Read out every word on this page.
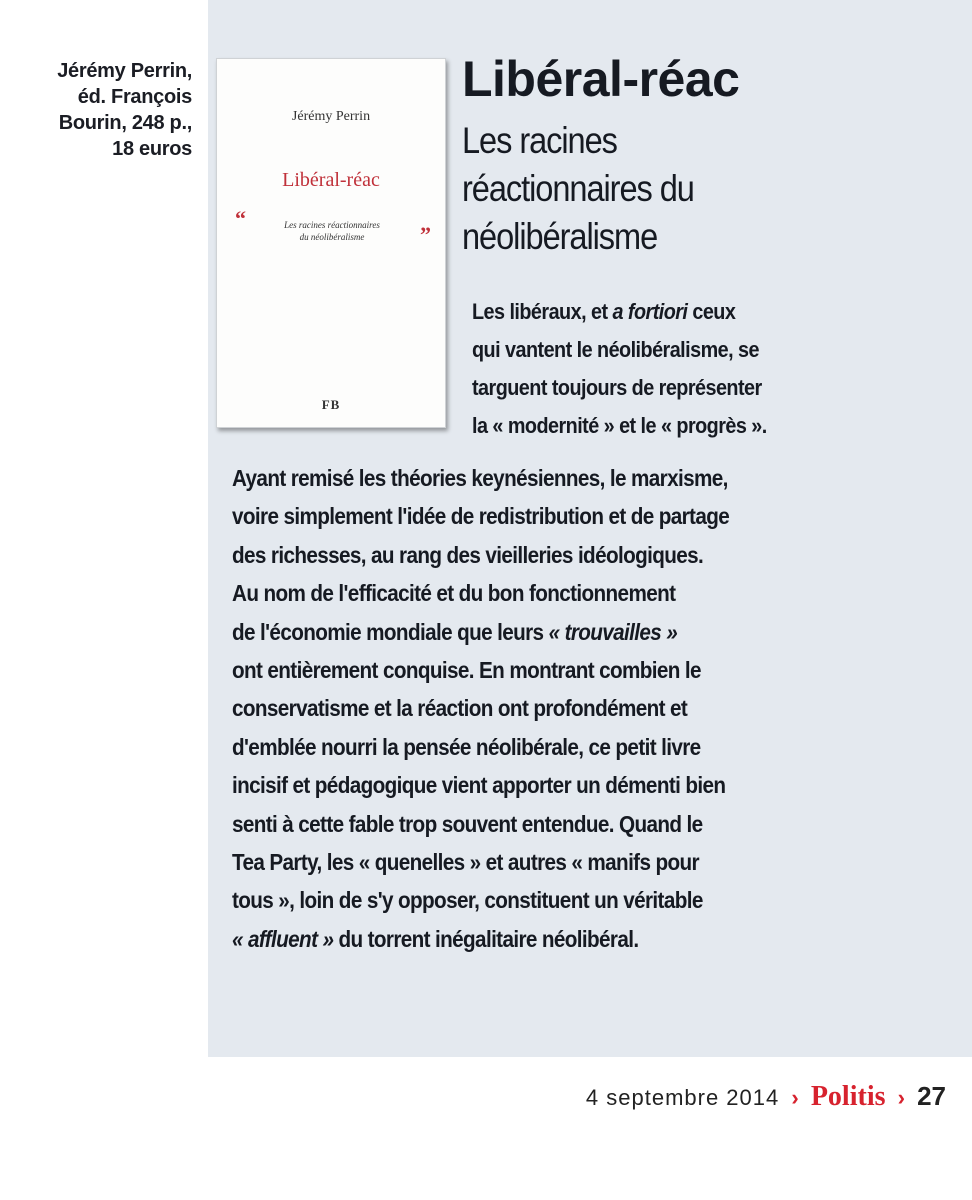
Jérémy Perrin,
éd. François
Bourin, 248 p.,
18 euros
Jérémy Perrin
Libéral-réac
“	Les racines réactionnaires
du néolibéralisme	”
FB
Libéral-réac
Les racines réactionnaires du néolibéralisme
Les libéraux, et a fortiori ceux
qui vantent le néolibéralisme, se
targuent toujours de représenter
la « modernité » et le « progrès ».
Ayant remisé les théories keynésiennes, le marxisme,
voire simplement l'idée de redistribution et de partage
des richesses, au rang des vieilleries idéologiques.
Au nom de l'efficacité et du bon fonctionnement
de l'économie mondiale que leurs « trouvailles »
ont entièrement conquise. En montrant combien le
conservatisme et la réaction ont profondément et
d'emblée nourri la pensée néolibérale, ce petit livre
incisif et pédagogique vient apporter un démenti bien
senti à cette fable trop souvent entendue. Quand le
Tea Party, les « quenelles » et autres « manifs pour
tous », loin de s'y opposer, constituent un véritable
« affluent » du torrent inégalitaire néolibéral.
4 septembre 2014 › Politis › 27
